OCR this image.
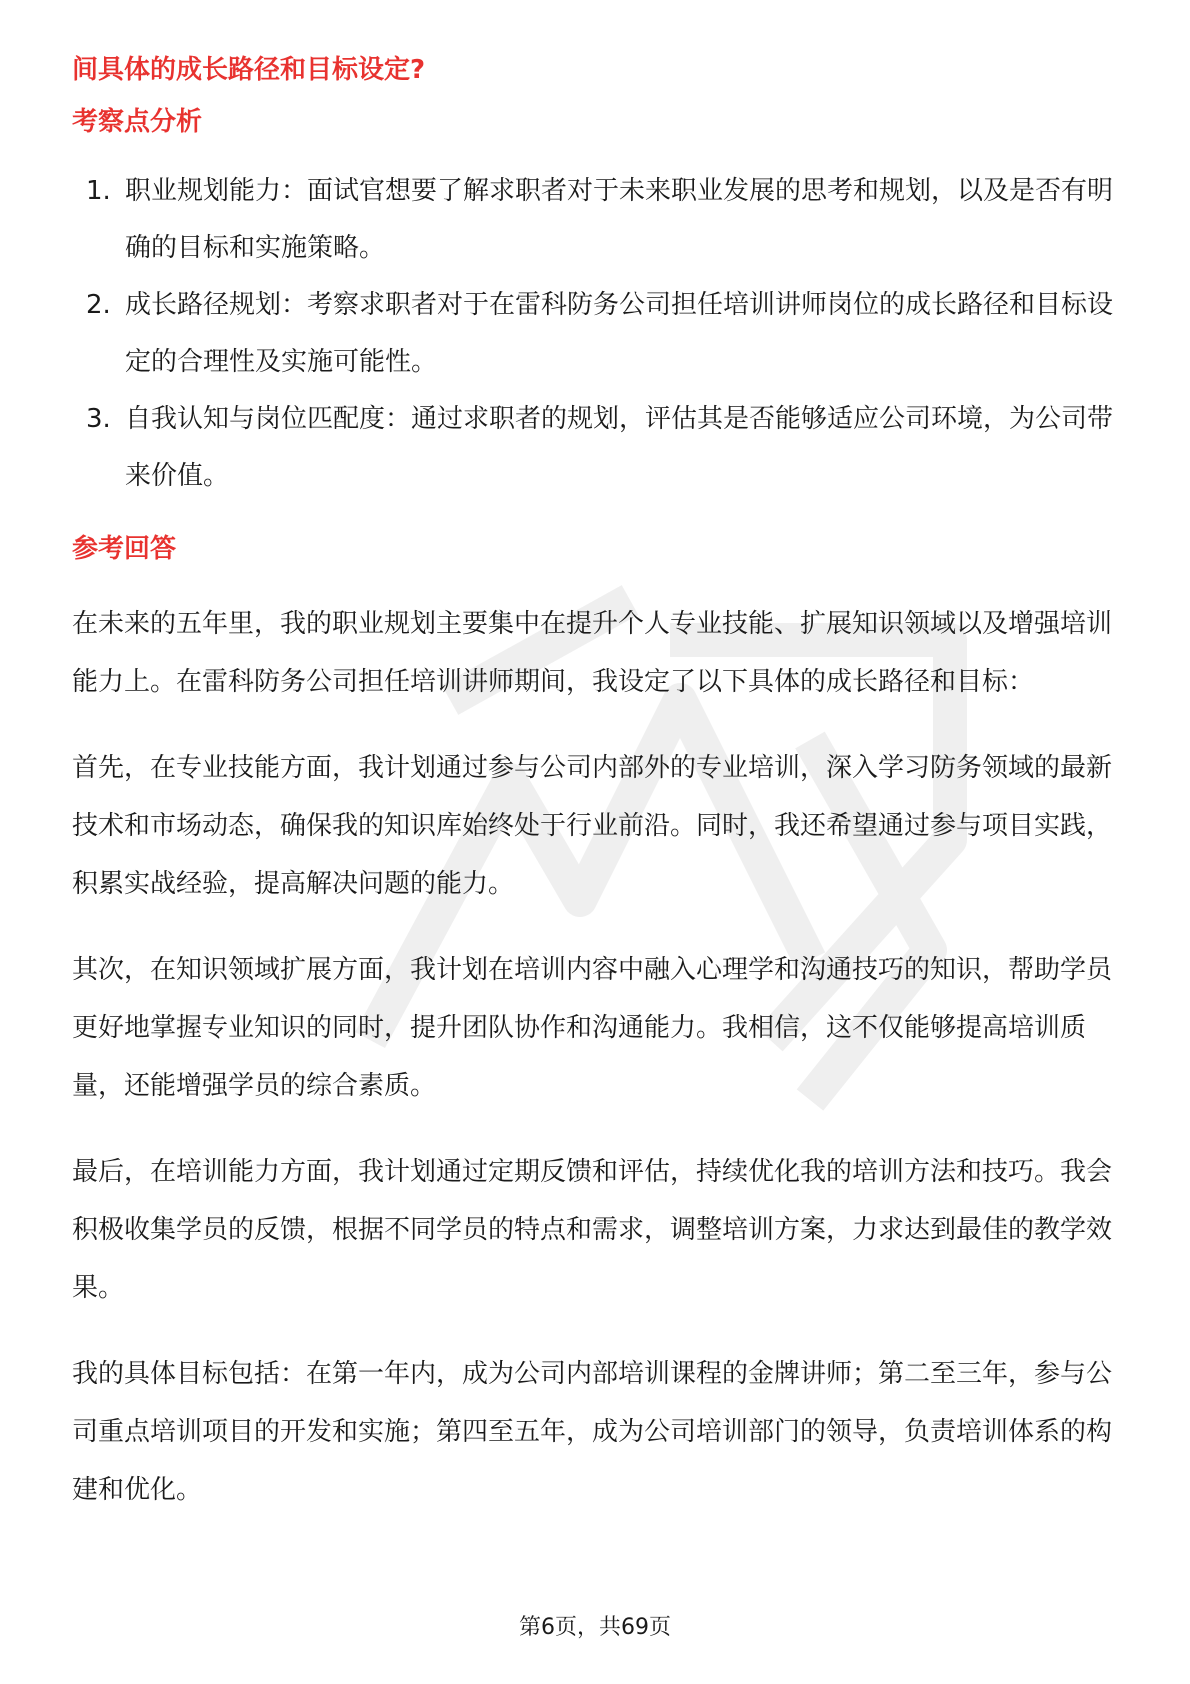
间具体的成长路径和目标设定?
考察点分析
1. 职业规划能力：面试官想要了解求职者对于未来职业发展的思考和规划，以及是否有明确的目标和实施策略。
2. 成长路径规划：考察求职者对于在雷科防务公司担任培训讲师岗位的成长路径和目标设定的合理性及实施可能性。
3. 自我认知与岗位匹配度：通过求职者的规划，评估其是否能够适应公司环境，为公司带来价值。
参考回答

在未来的五年里，我的职业规划主要集中在提升个人专业技能、扩展知识领域以及增强培训能力上。在雷科防务公司担任培训讲师期间，我设定了以下具体的成长路径和目标：

首先，在专业技能方面，我计划通过参与公司内部外的专业培训，深入学习防务领域的最新技术和市场动态，确保我的知识库始终处于行业前沿。同时，我还希望通过参与项目实践，积累实战经验，提高解决问题的能力。

其次，在知识领域扩展方面，我计划在培训内容中融入心理学和沟通技巧的知识，帮助学员更好地掌握专业知识的同时，提升团队协作和沟通能力。我相信，这不仅能够提高培训质量，还能增强学员的综合素质。

最后，在培训能力方面，我计划通过定期反馈和评估，持续优化我的培训方法和技巧。我会积极收集学员的反馈，根据不同学员的特点和需求，调整培训方案，力求达到最佳的教学效果。

我的具体目标包括：在第一年内，成为公司内部培训课程的金牌讲师；第二至三年，参与公司重点培训项目的开发和实施；第四至五年，成为公司培训部门的领导，负责培训体系的构建和优化。

第6页，共69页
